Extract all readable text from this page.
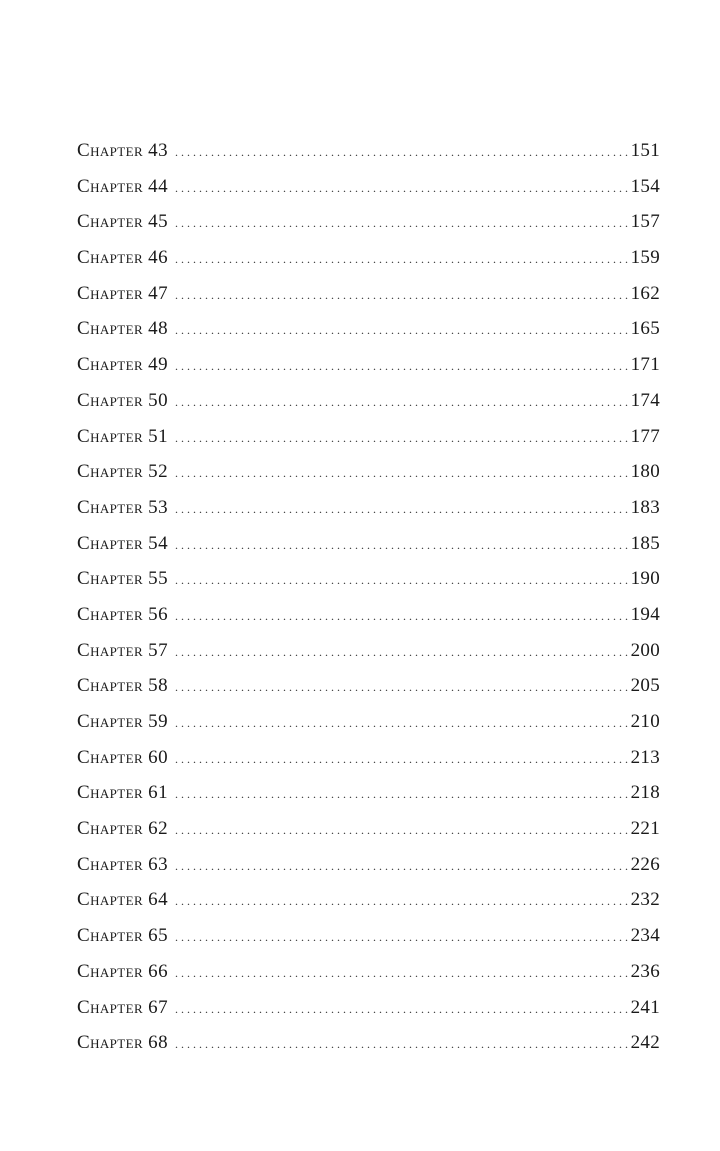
Chapter 43 . . .	151
Chapter 44 . . .	154
Chapter 45 . . .	157
Chapter 46 . . .	159
Chapter 47 . . .	162
Chapter 48 . . .	165
Chapter 49 . . .	171
Chapter 50 . . .	174
Chapter 51 . . .	177
Chapter 52 . . .	180
Chapter 53 . . .	183
Chapter 54 . . .	185
Chapter 55 . . .	190
Chapter 56 . . .	194
Chapter 57 . . .	200
Chapter 58 . . .	205
Chapter 59 . . .	210
Chapter 60 . . .	213
Chapter 61 . . .	218
Chapter 62 . . .	221
Chapter 63 . . .	226
Chapter 64 . . .	232
Chapter 65 . . .	234
Chapter 66 . . .	236
Chapter 67 . . .	241
Chapter 68 . . .	242
